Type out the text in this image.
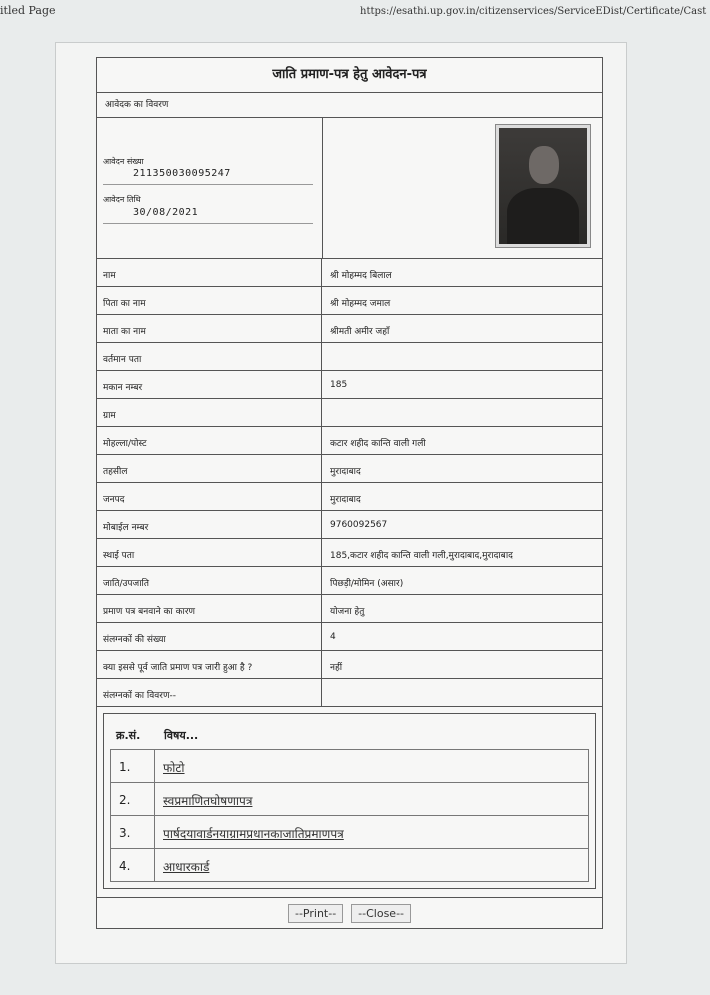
itled Page	https://esathi.up.gov.in/citizenservices/ServiceEDist/Certificate/Cast
जाति प्रमाण-पत्र हेतु आवेदन-पत्र
आवेदक का विवरण
आवेदन संख्या
211350030095247
आवेदन तिथि
30/08/2021
नाम	श्री मोहम्मद बिलाल
पिता का नाम	श्री मोहम्मद जमाल
माता का नाम	श्रीमती अमीर जहाँ
वर्तमान पता
मकान नम्बर	185
ग्राम
मोहल्ला/पोस्ट	कटार शहीद कान्ति वाली गली
तहसील	मुरादाबाद
जनपद	मुरादाबाद
मोबाईल नम्बर	9760092567
स्थाई पता	185,कटार शहीद कान्ति वाली गली,मुरादाबाद,मुरादाबाद
जाति/उपजाति	पिछड़ी/मोमिन (असार)
प्रमाण पत्र बनवाने का कारण	योजना हेतु
संलग्नकों की संख्या	4
क्या इससे पूर्व जाति प्रमाण पत्र जारी हुआ है ?	नहीं
संलग्नकों का विवरण--
क्र.सं.	विषय...
1.	फोटो
2.	स्वप्रमाणितघोषणापत्र
3.	पार्षदयावार्डनयाग्रामप्रधानकाजातिप्रमाणपत्र
4.	आधारकार्ड
--Print--	--Close--
